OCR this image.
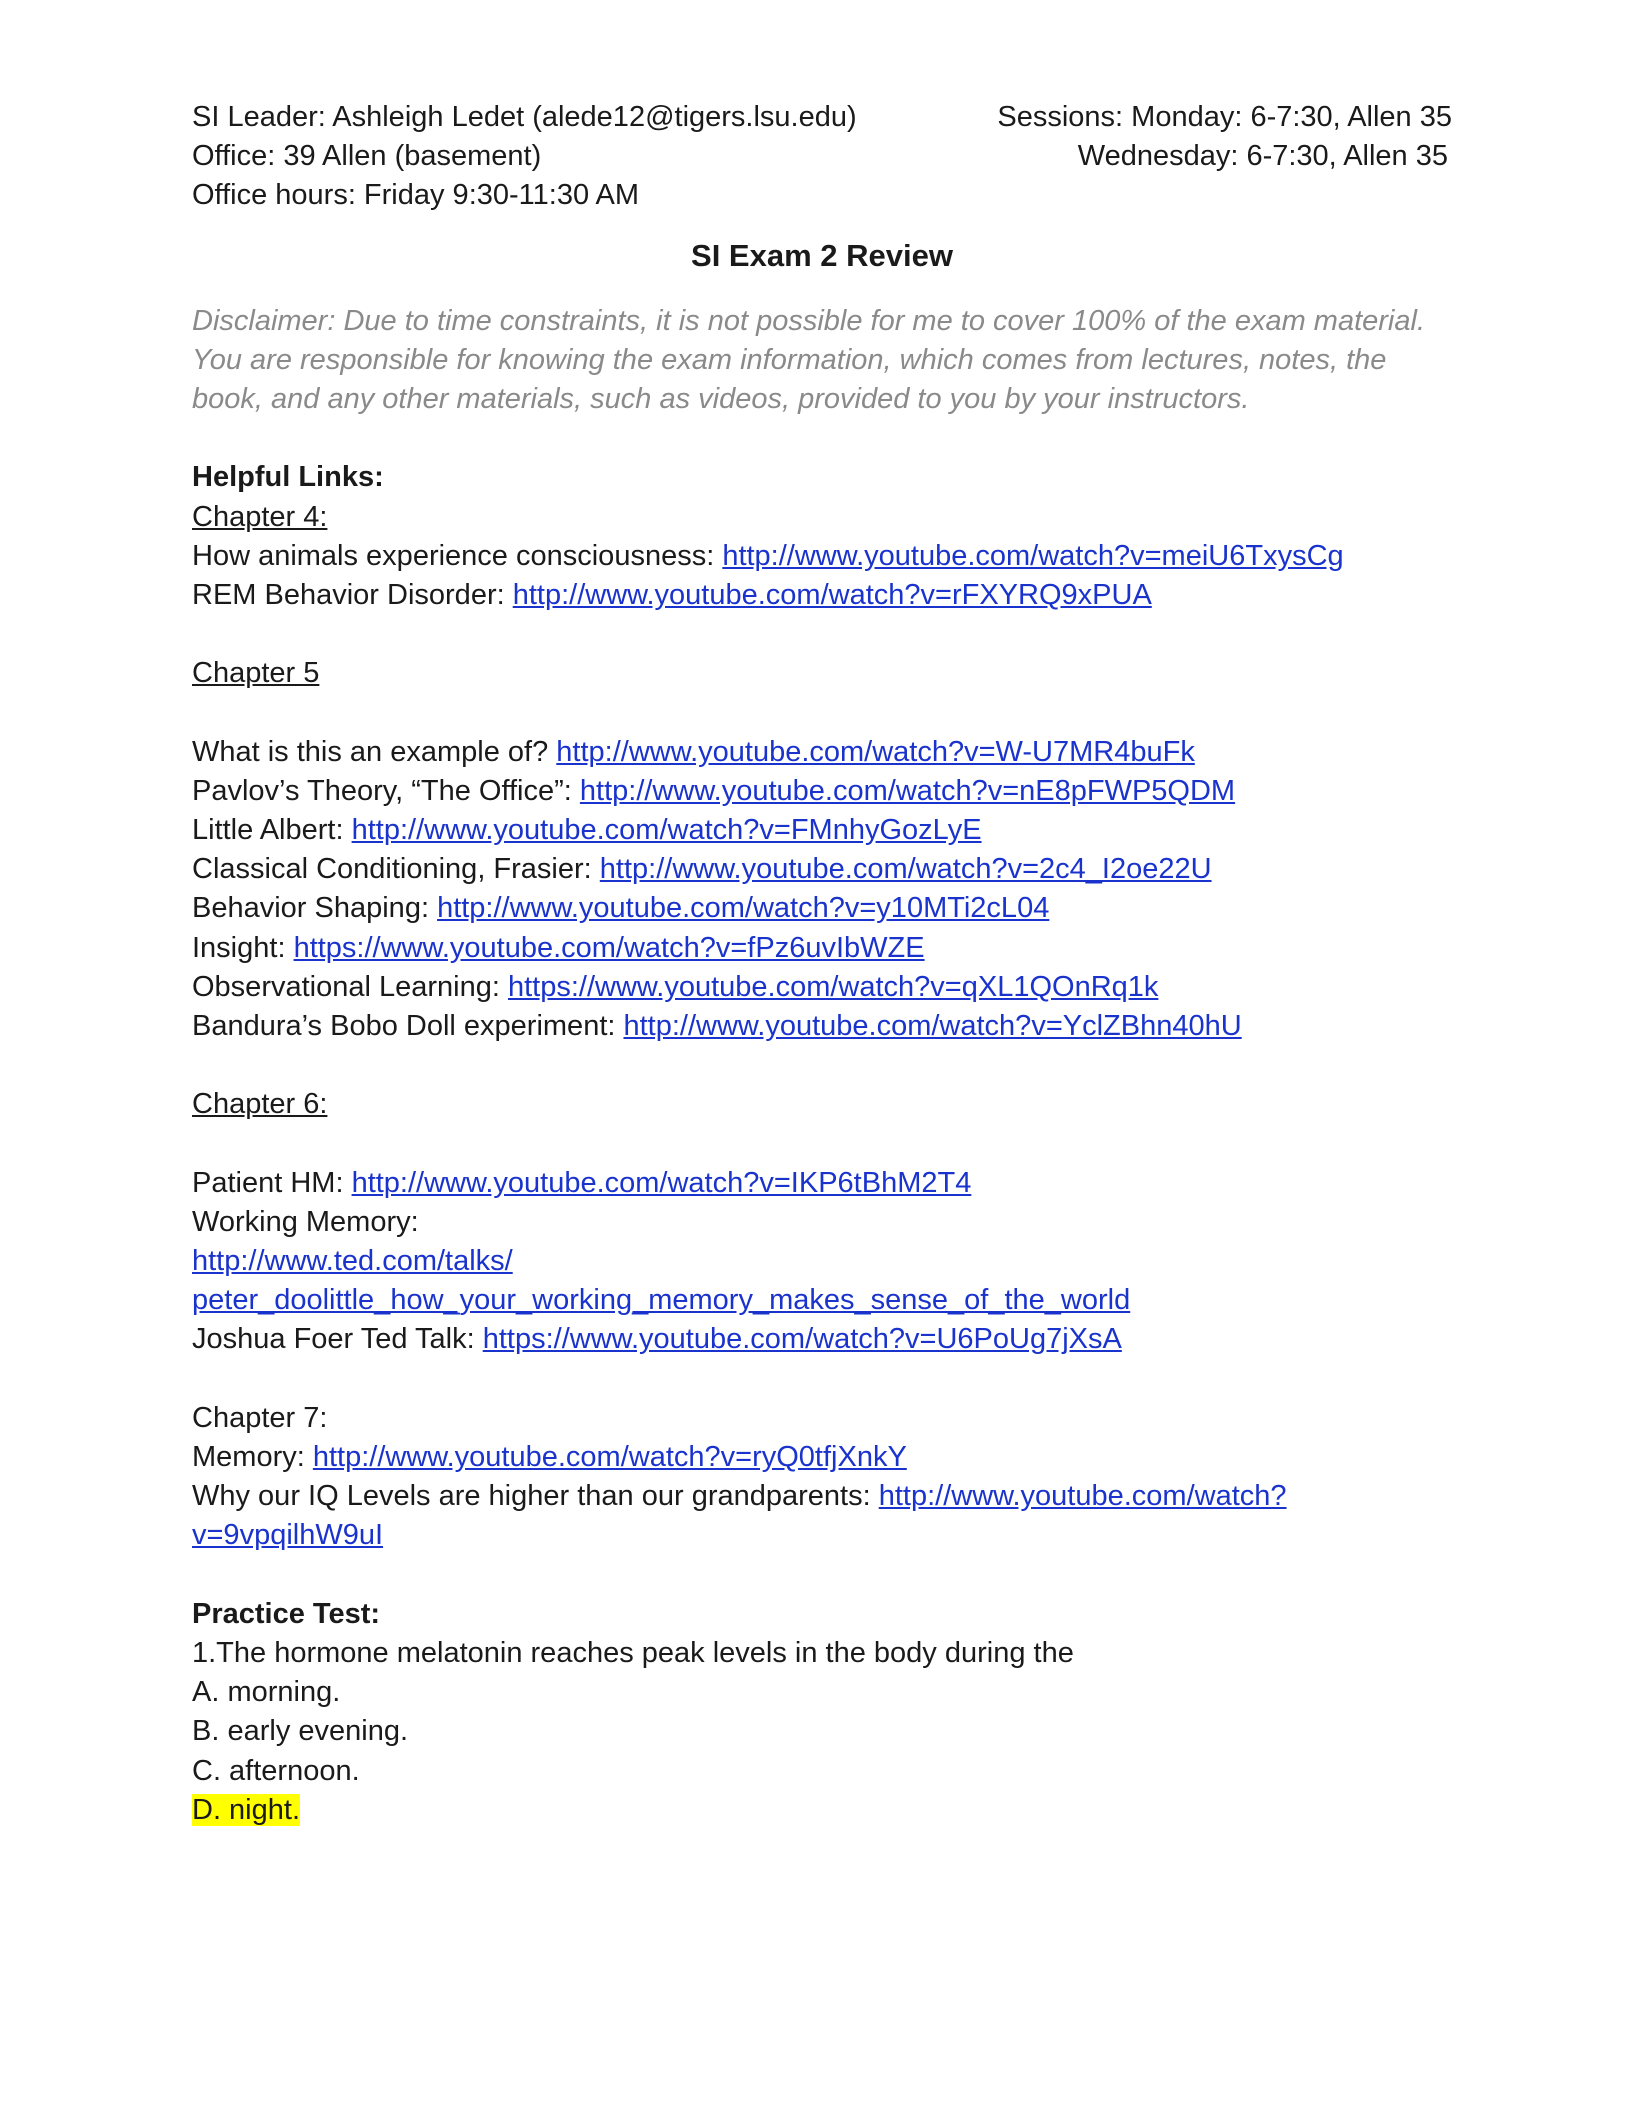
SI Leader: Ashleigh Ledet (alede12@tigers.lsu.edu)	Sessions: Monday: 6-7:30, Allen 35
Office: 39 Allen (basement)	Wednesday: 6-7:30, Allen 35
Office hours: Friday 9:30-11:30 AM
SI Exam 2 Review
Disclaimer: Due to time constraints, it is not possible for me to cover 100% of the exam material.
You are responsible for knowing the exam information, which comes from lectures, notes, the
book, and any other materials, such as videos, provided to you by your instructors.
Helpful Links:
Chapter 4:
How animals experience consciousness: http://www.youtube.com/watch?v=meiU6TxysCg
REM Behavior Disorder: http://www.youtube.com/watch?v=rFXYRQ9xPUA
Chapter 5
What is this an example of? http://www.youtube.com/watch?v=W-U7MR4buFk
Pavlov’s Theory, “The Office”: http://www.youtube.com/watch?v=nE8pFWP5QDM
Little Albert: http://www.youtube.com/watch?v=FMnhyGozLyE
Classical Conditioning, Frasier: http://www.youtube.com/watch?v=2c4_I2oe22U
Behavior Shaping: http://www.youtube.com/watch?v=y10MTi2cL04
Insight: https://www.youtube.com/watch?v=fPz6uvIbWZE
Observational Learning: https://www.youtube.com/watch?v=qXL1QOnRq1k
Bandura’s Bobo Doll experiment: http://www.youtube.com/watch?v=YclZBhn40hU
Chapter 6:
Patient HM: http://www.youtube.com/watch?v=IKP6tBhM2T4
Working Memory:
http://www.ted.com/talks/
peter_doolittle_how_your_working_memory_makes_sense_of_the_world
Joshua Foer Ted Talk: https://www.youtube.com/watch?v=U6PoUg7jXsA
Chapter 7:
Memory: http://www.youtube.com/watch?v=ryQ0tfjXnkY
Why our IQ Levels are higher than our grandparents: http://www.youtube.com/watch?
v=9vpqilhW9uI
Practice Test:
1.The hormone melatonin reaches peak levels in the body during the
A. morning.
B. early evening.
C. afternoon.
D. night.
